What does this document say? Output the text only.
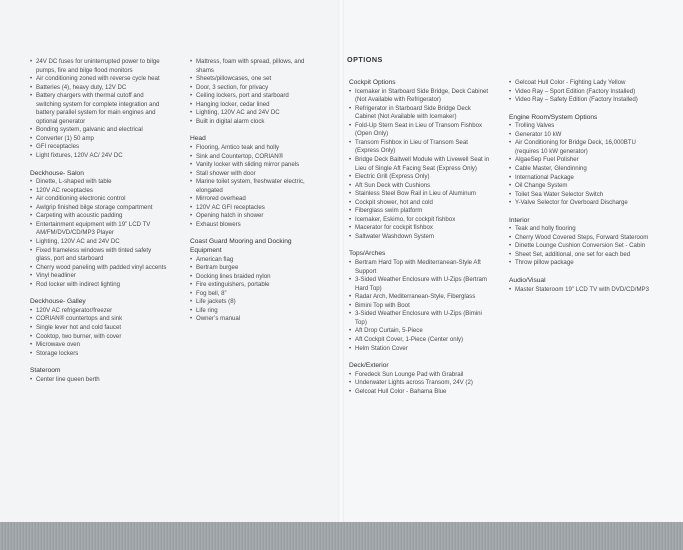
• 24V DC fuses for uninterrupted power to bilge pumps, fire and bilge flood monitors
• Air conditioning zoned with reverse cycle heat
• Batteries (4), heavy duty, 12V DC
• Battery chargers with thermal cutoff and switching system for complete integration and battery parallel system for main engines and optional generator
• Bonding system, galvanic and electrical
• Converter (1) 50 amp
• GFI receptacles
• Light fixtures, 120V AC/ 24V DC
Deckhouse- Salon
• Dinette, L-shaped with table
• 120V AC receptacles
• Air conditioning electronic control
• Awlgrip finished bilge storage compartment
• Carpeting with acoustic padding
• Entertainment equipment with 19” LCD TV AM/FM/DVD/CD/MP3 Player
• Lighting, 120V AC and 24V DC
• Fixed frameless windows with tinted safety glass, port and starboard
• Cherry wood paneling with padded vinyl accents
• Vinyl headliner
• Rod locker with indirect lighting
Deckhouse- Galley
• 120V AC refrigerator/freezer
• CORIAN® countertops and sink
• Single lever hot and cold faucet
• Cooktop, two burner, with cover
• Microwave oven
• Storage lockers
Stateroom
• Center line queen berth
• Mattress, foam with spread, pillows, and shams
• Sheets/pillowcases, one set
• Door, 3 section, for privacy
• Ceiling lockers, port and starboard
• Hanging locker, cedar lined
• Lighting, 120V AC and 24V DC
• Built in digital alarm clock
Head
• Flooring, Amtico teak and holly
• Sink and Countertop, CORIAN®
• Vanity locker with sliding mirror panels
• Stall shower with door
• Marine toilet system, freshwater electric, elongated
• Mirrored overhead
• 120V AC GFI receptacles
• Opening hatch in shower
• Exhaust blowers
Coast Guard Mooring and Docking Equipment
• American flag
• Bertram burgee
• Docking lines braided nylon
• Fire extinguishers, portable
• Fog bell, 8”
• Life jackets (8)
• Life ring
• Owner’s manual
OPTIONS
Cockpit Options
• Icemaker in Starboard Side Bridge, Deck Cabinet (Not Available with Refrigerator)
• Refrigerator in Starboard Side Bridge Deck Cabinet (Not Available with Icemaker)
• Fold-Up Stern Seat in Lieu of Transom Fishbox (Open Only)
• Transom Fishbox in Lieu of Transom Seat (Express Only)
• Bridge Deck Baitwell Module with Livewell Seat in Lieu of Single Aft Facing Seat (Express Only)
• Electric Grill (Express Only)
• Aft Sun Deck with Cushions
• Stainless Steel Bow Rail in Lieu of Aluminum
• Cockpit shower, hot and cold
• Fiberglass swim platform
• Icemaker, Eskimo, for cockpit fishbox
• Macerator for cockpit fishbox
• Saltwater Washdown System
Tops/Arches
• Bertram Hard Top with Mediterranean-Style Aft Support
• 3-Sided Weather Enclosure with U-Zips (Bertram Hard Top)
• Radar Arch, Mediterranean-Style, Fiberglass
• Bimini Top with Boot
• 3-Sided Weather Enclosure with U-Zips (Bimini Top)
• Aft Drop Curtain, 5-Piece
• Aft Cockpit Cover, 1-Piece (Center only)
• Helm Station Cover
Deck/Exterior
• Foredeck Sun Lounge Pad with Grabrail
• Underwater Lights across Transom, 24V (2)
• Gelcoat Hull Color - Bahama Blue
• Gelcoat Hull Color - Fighting Lady Yellow
• Video Ray – Sport Edition (Factory Installed)
• Video Ray – Safety Edition (Factory Installed)
Engine Room/System Options
• Trolling Valves
• Generator 10 kW
• Air Conditioning for Bridge Deck, 16,000BTU (requires 10 kW generator)
• AlgaeSep Fuel Polisher
• Cable Master, Glendinning
• International Package
• Oil Change System
• Toilet Sea Water Selector Switch
• Y-Valve Selector for Overboard Discharge
Interior
• Teak and holly flooring
• Cherry Wood Covered Steps, Forward Stateroom
• Dinette Lounge Cushion Conversion Set - Cabin
• Sheet Set, additional, one set for each bed
• Throw pillow package
Audio/Visual
• Master Stateroom 19” LCD TV with DVD/CD/MP3
